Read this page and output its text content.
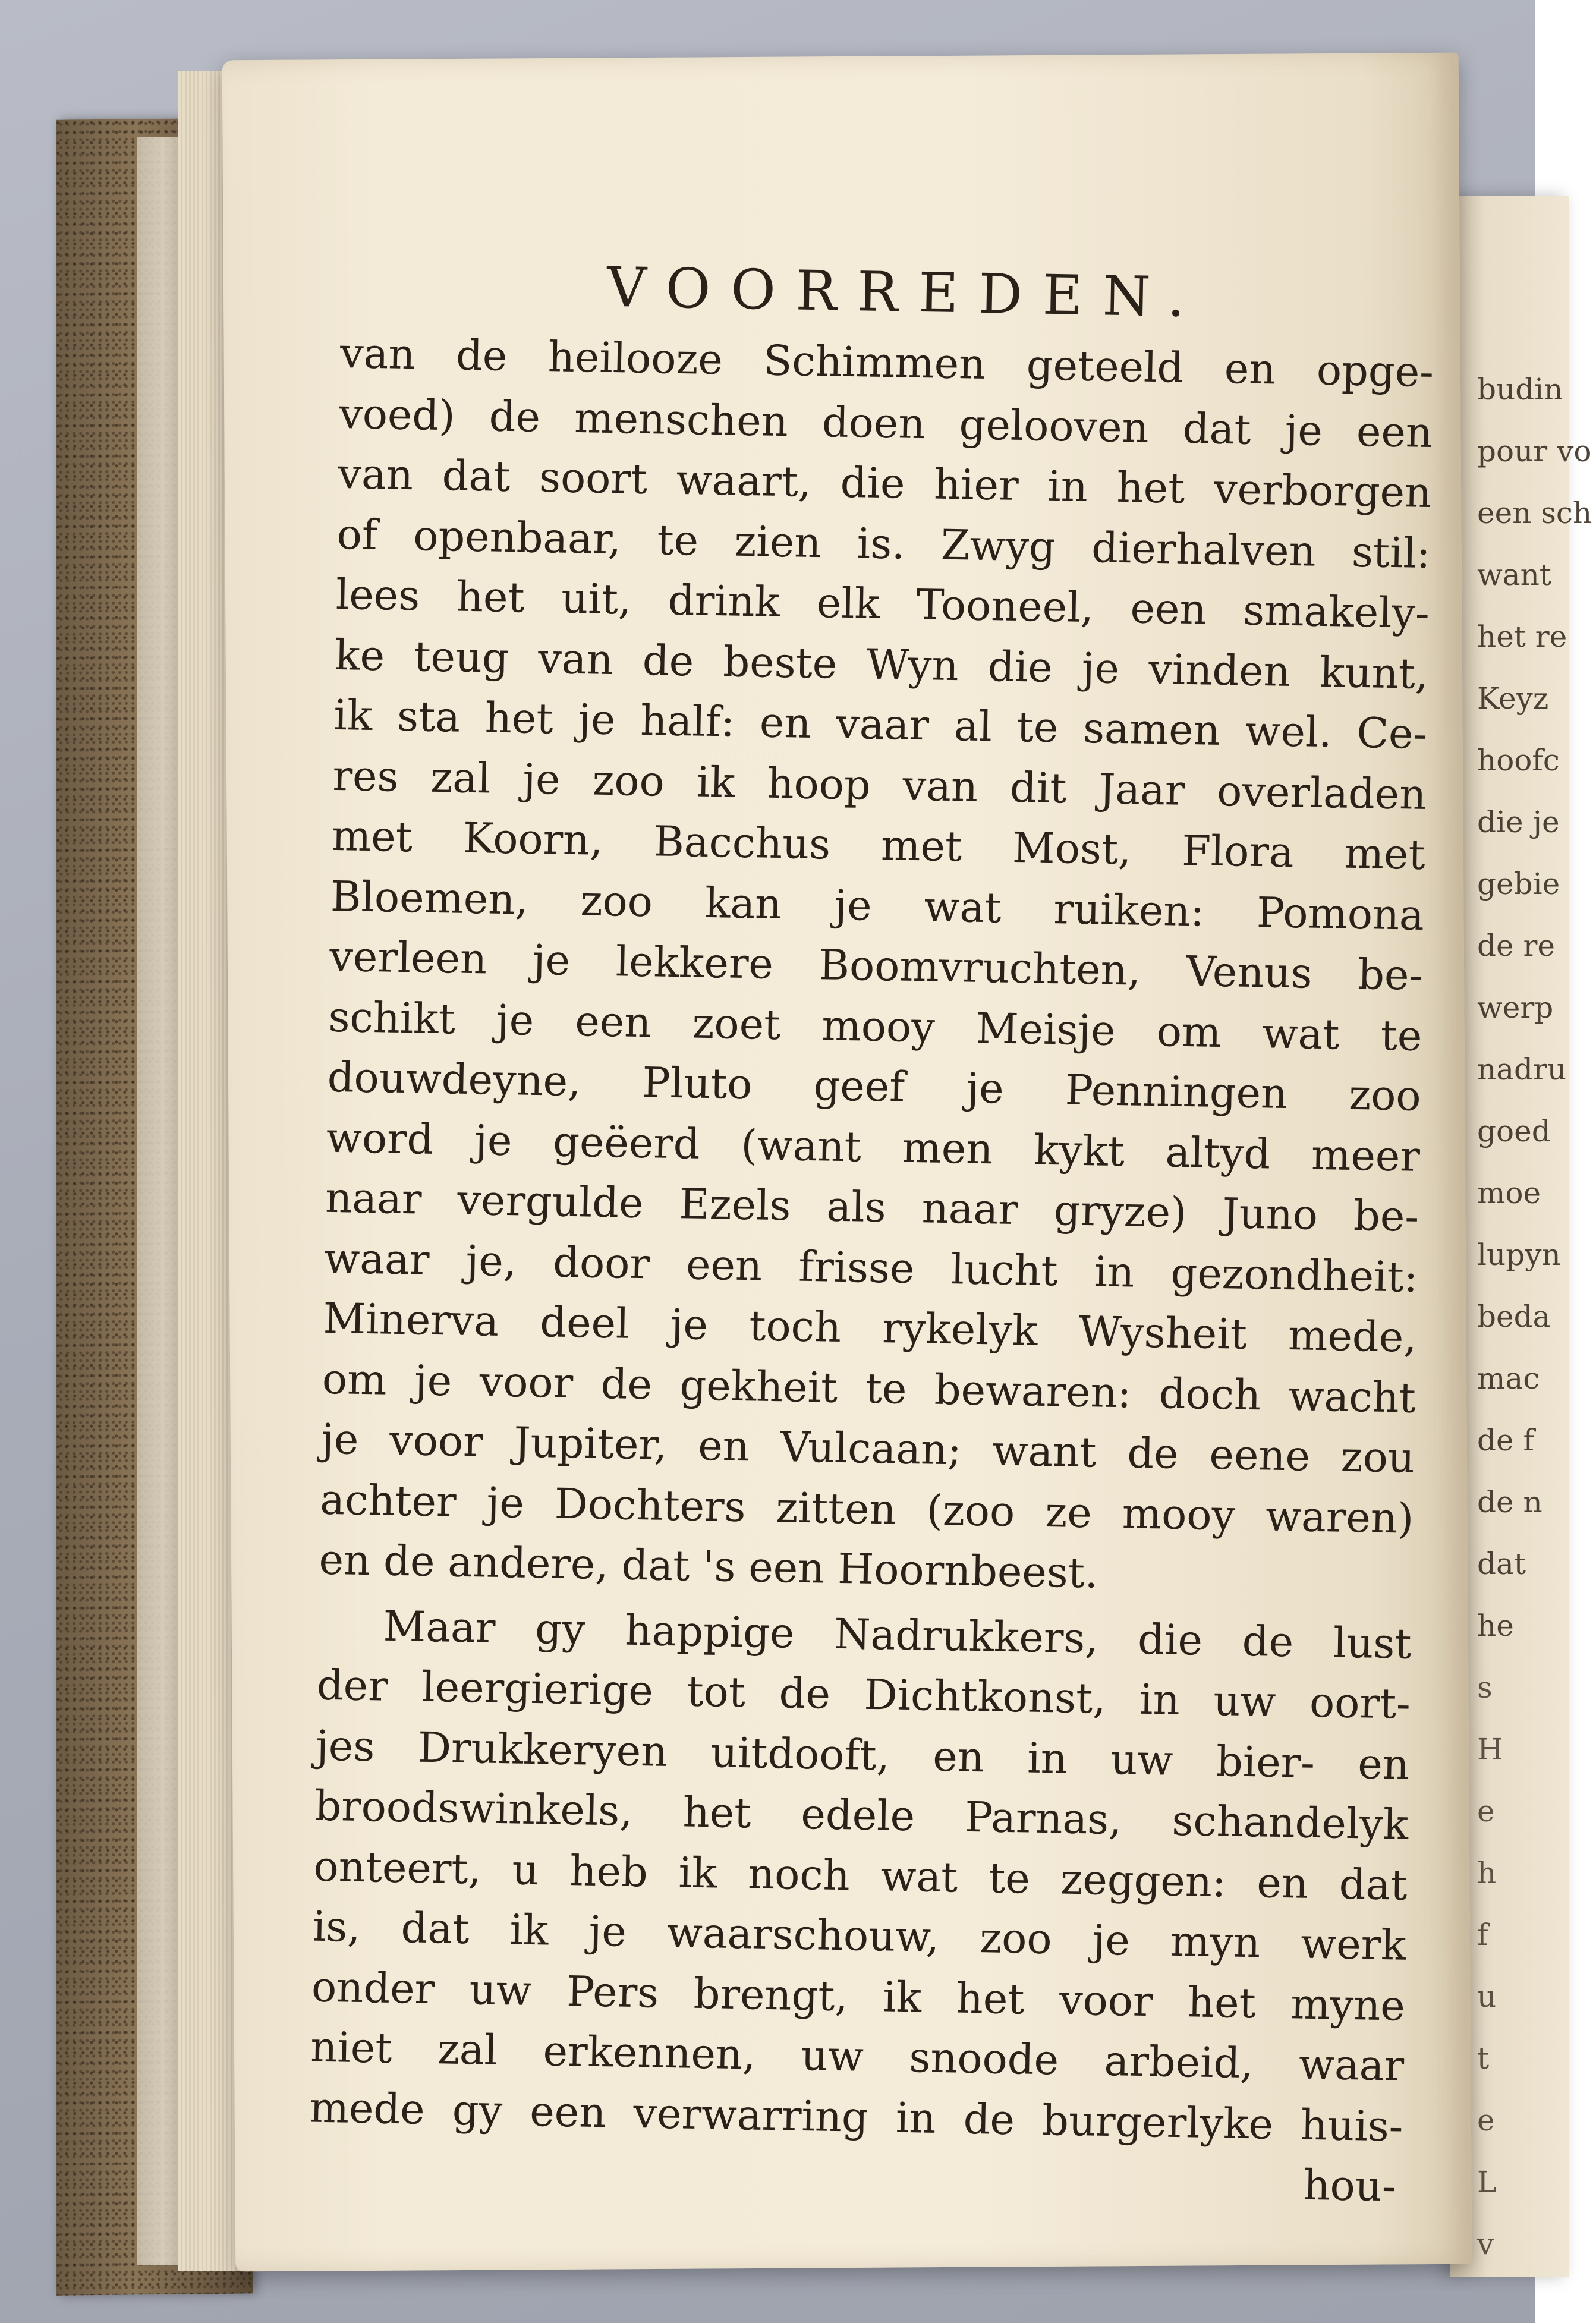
budin
pour vo
een sch
want
het re
Keyz
hoofc
die je
gebie
de re
werp
nadru
goed
moe
lupyn
beda
mac
de f
de n
dat
he
s
H
e
h
f
u
t
e
L
v
VOORREDEN.
van de heilooze Schimmen geteeld en opge-
voed) de menschen doen gelooven dat je een
van dat soort waart, die hier in het verborgen
of openbaar, te zien is. Zwyg dierhalven stil:
lees het uit, drink elk Tooneel, een smakely-
ke teug van de beste Wyn die je vinden kunt,
ik sta het je half: en vaar al te samen wel. Ce-
res zal je zoo ik hoop van dit Jaar overladen
met Koorn, Bacchus met Most, Flora met
Bloemen, zoo kan je wat ruiken: Pomona
verleen je lekkere Boomvruchten, Venus be-
schikt je een zoet mooy Meisje om wat te
douwdeyne, Pluto geef je Penningen zoo
word je geëerd (want men kykt altyd meer
naar vergulde Ezels als naar gryze) Juno be-
waar je, door een frisse lucht in gezondheit:
Minerva deel je toch rykelyk Wysheit mede,
om je voor de gekheit te bewaren: doch wacht
je voor Jupiter, en Vulcaan; want de eene zou
achter je Dochters zitten (zoo ze mooy waren)
en de andere, dat 's een Hoornbeest.
Maar gy happige Nadrukkers, die de lust
der leergierige tot de Dichtkonst, in uw oort-
jes Drukkeryen uitdooft, en in uw bier- en
broodswinkels, het edele Parnas, schandelyk
onteert, u heb ik noch wat te zeggen: en dat
is, dat ik je waarschouw, zoo je myn werk
onder uw Pers brengt, ik het voor het myne
niet zal erkennen, uw snoode arbeid, waar
mede gy een verwarring in de burgerlyke huis-
hou-
